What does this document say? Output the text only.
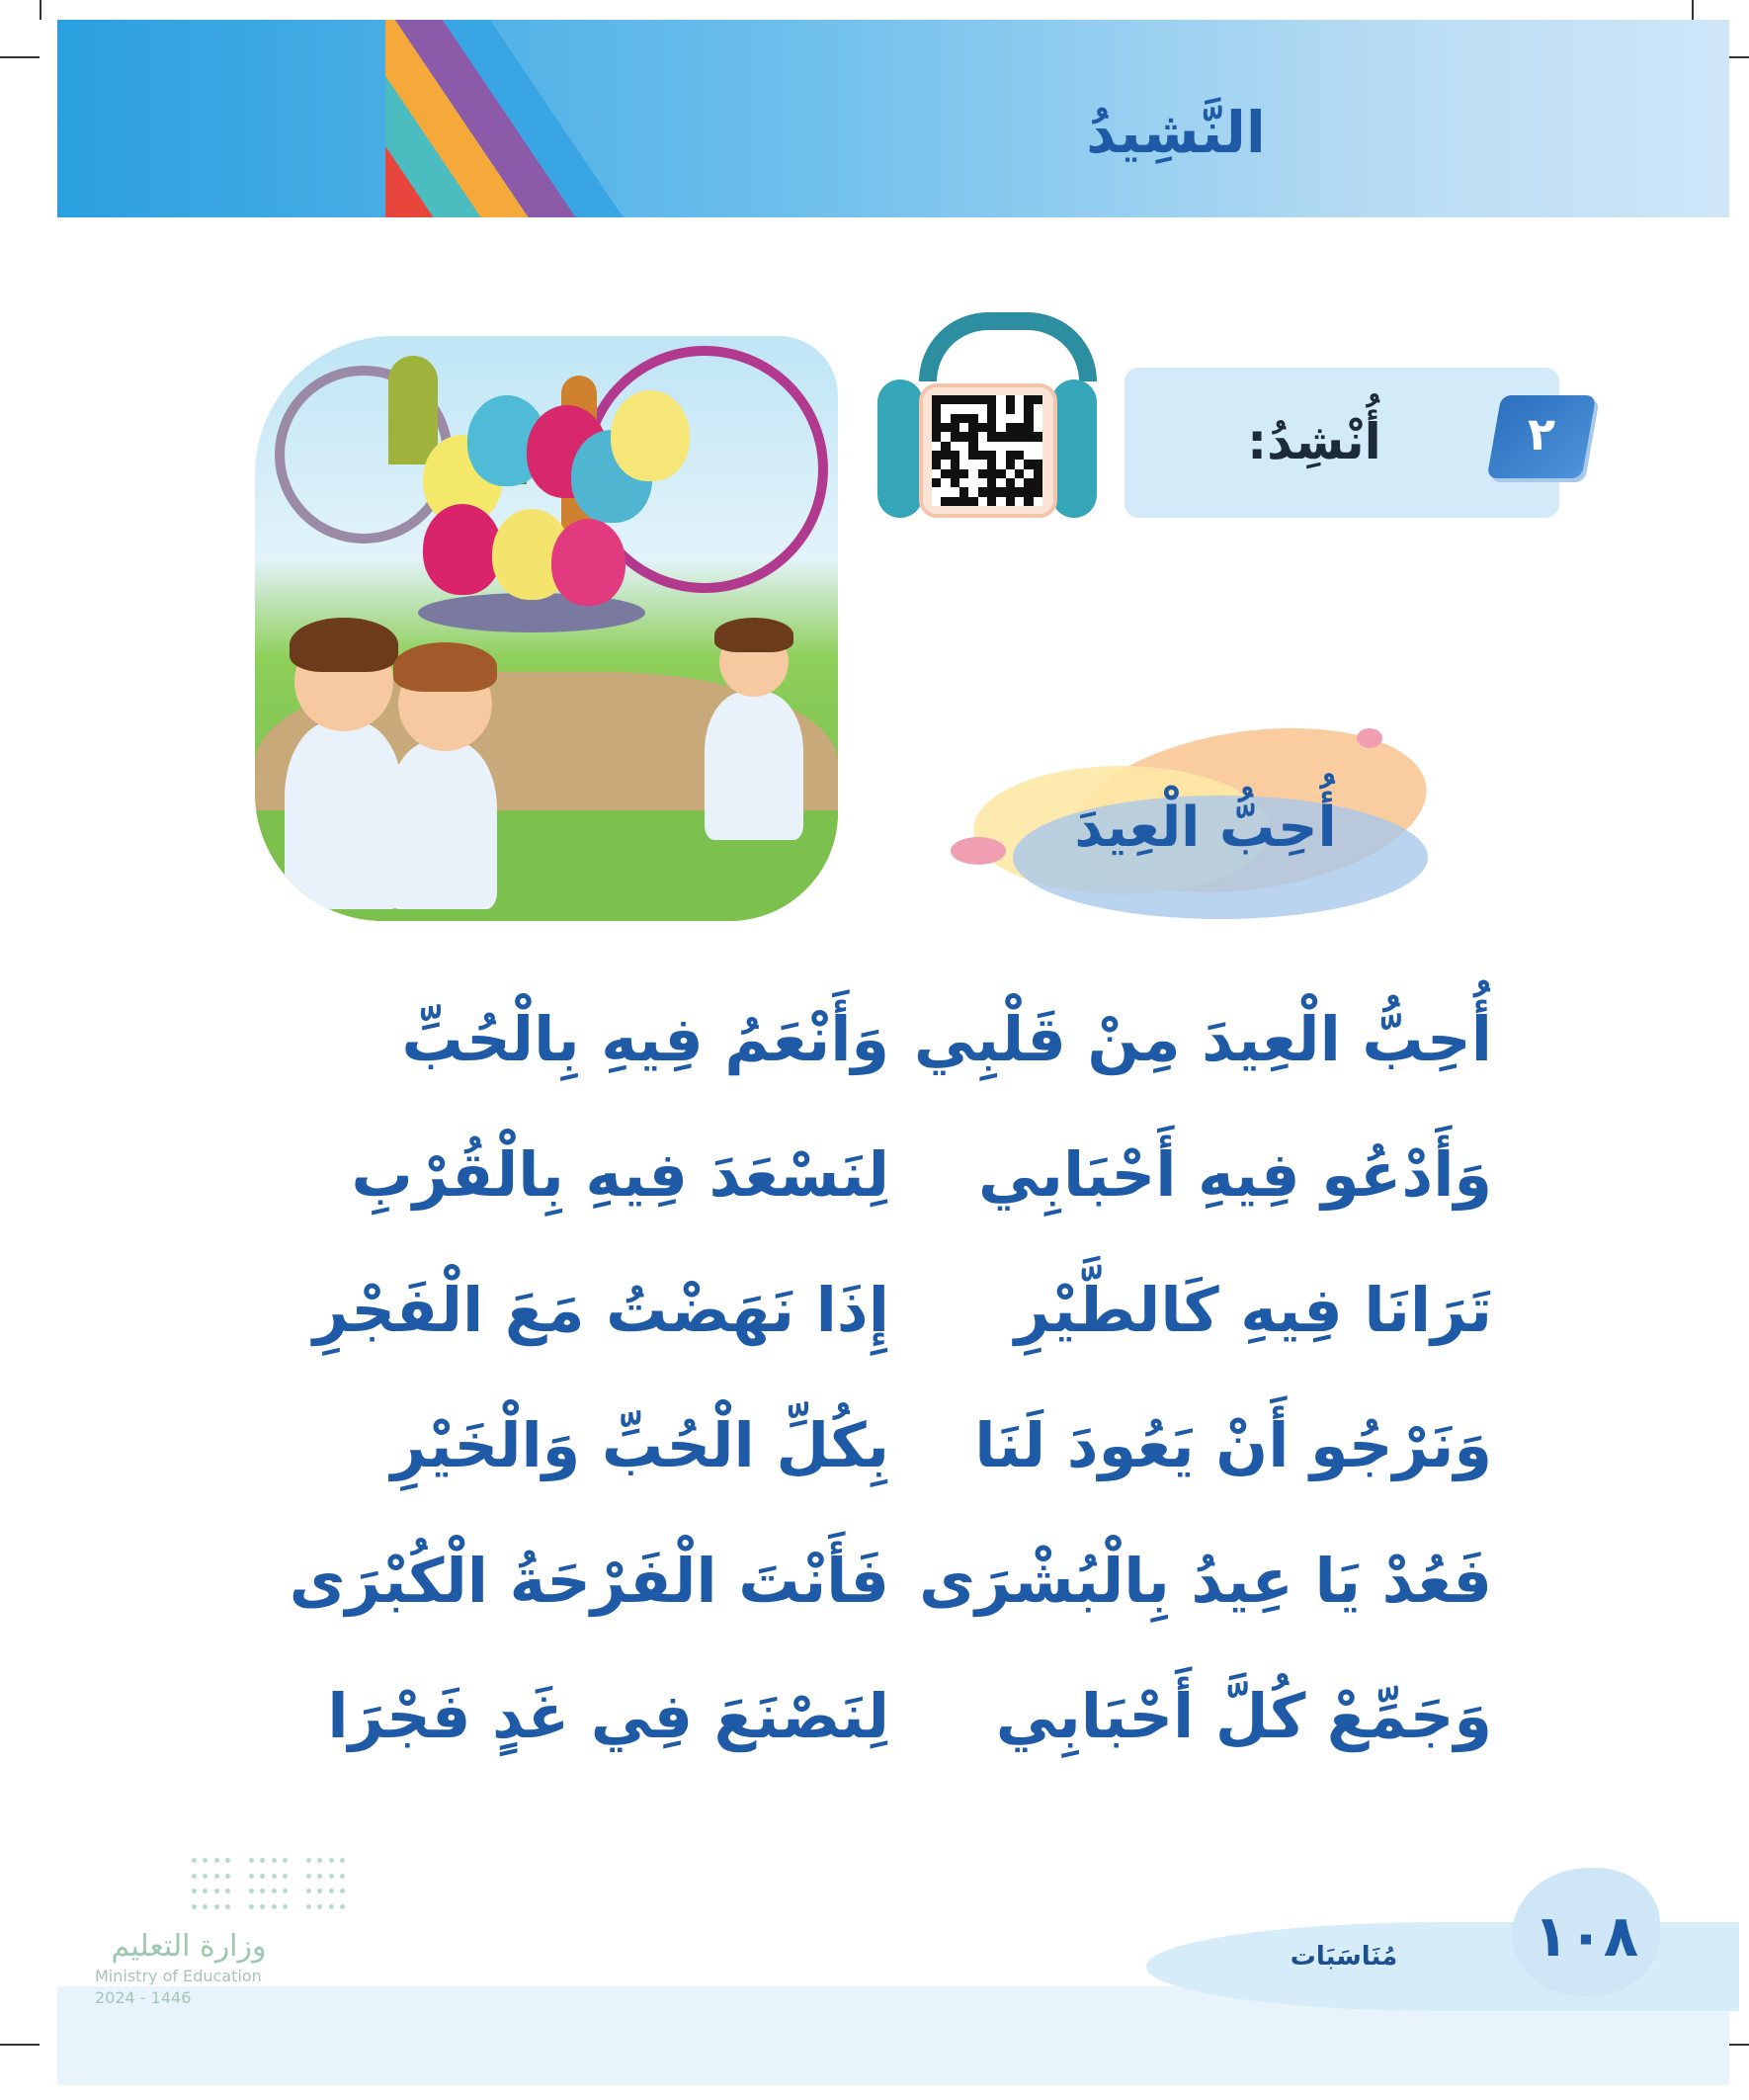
النَّشِيدُ
أُنْشِدُ:	٢
أُحِبُّ الْعِيدَ
أُحِبُّ الْعِيدَ مِنْ قَلْبِي
وَأَنْعَمُ فِيهِ بِالْحُبِّ
وَأَدْعُو فِيهِ أَحْبَابِي
لِنَسْعَدَ فِيهِ بِالْقُرْبِ
تَرَانَا فِيهِ كَالطَّيْرِ
إِذَا نَهَضْتُ مَعَ الْفَجْرِ
وَنَرْجُو أَنْ يَعُودَ لَنَا
بِكُلِّ الْحُبِّ وَالْخَيْرِ
فَعُدْ يَا عِيدُ بِالْبُشْرَى
فَأَنْتَ الْفَرْحَةُ الْكُبْرَى
وَجَمِّعْ كُلَّ أَحْبَابِي
لِنَصْنَعَ فِي غَدٍ فَجْرَا
١٠٨
مُنَاسَبَات
وزارة التعليم
Ministry of Education
2024 - 1446
